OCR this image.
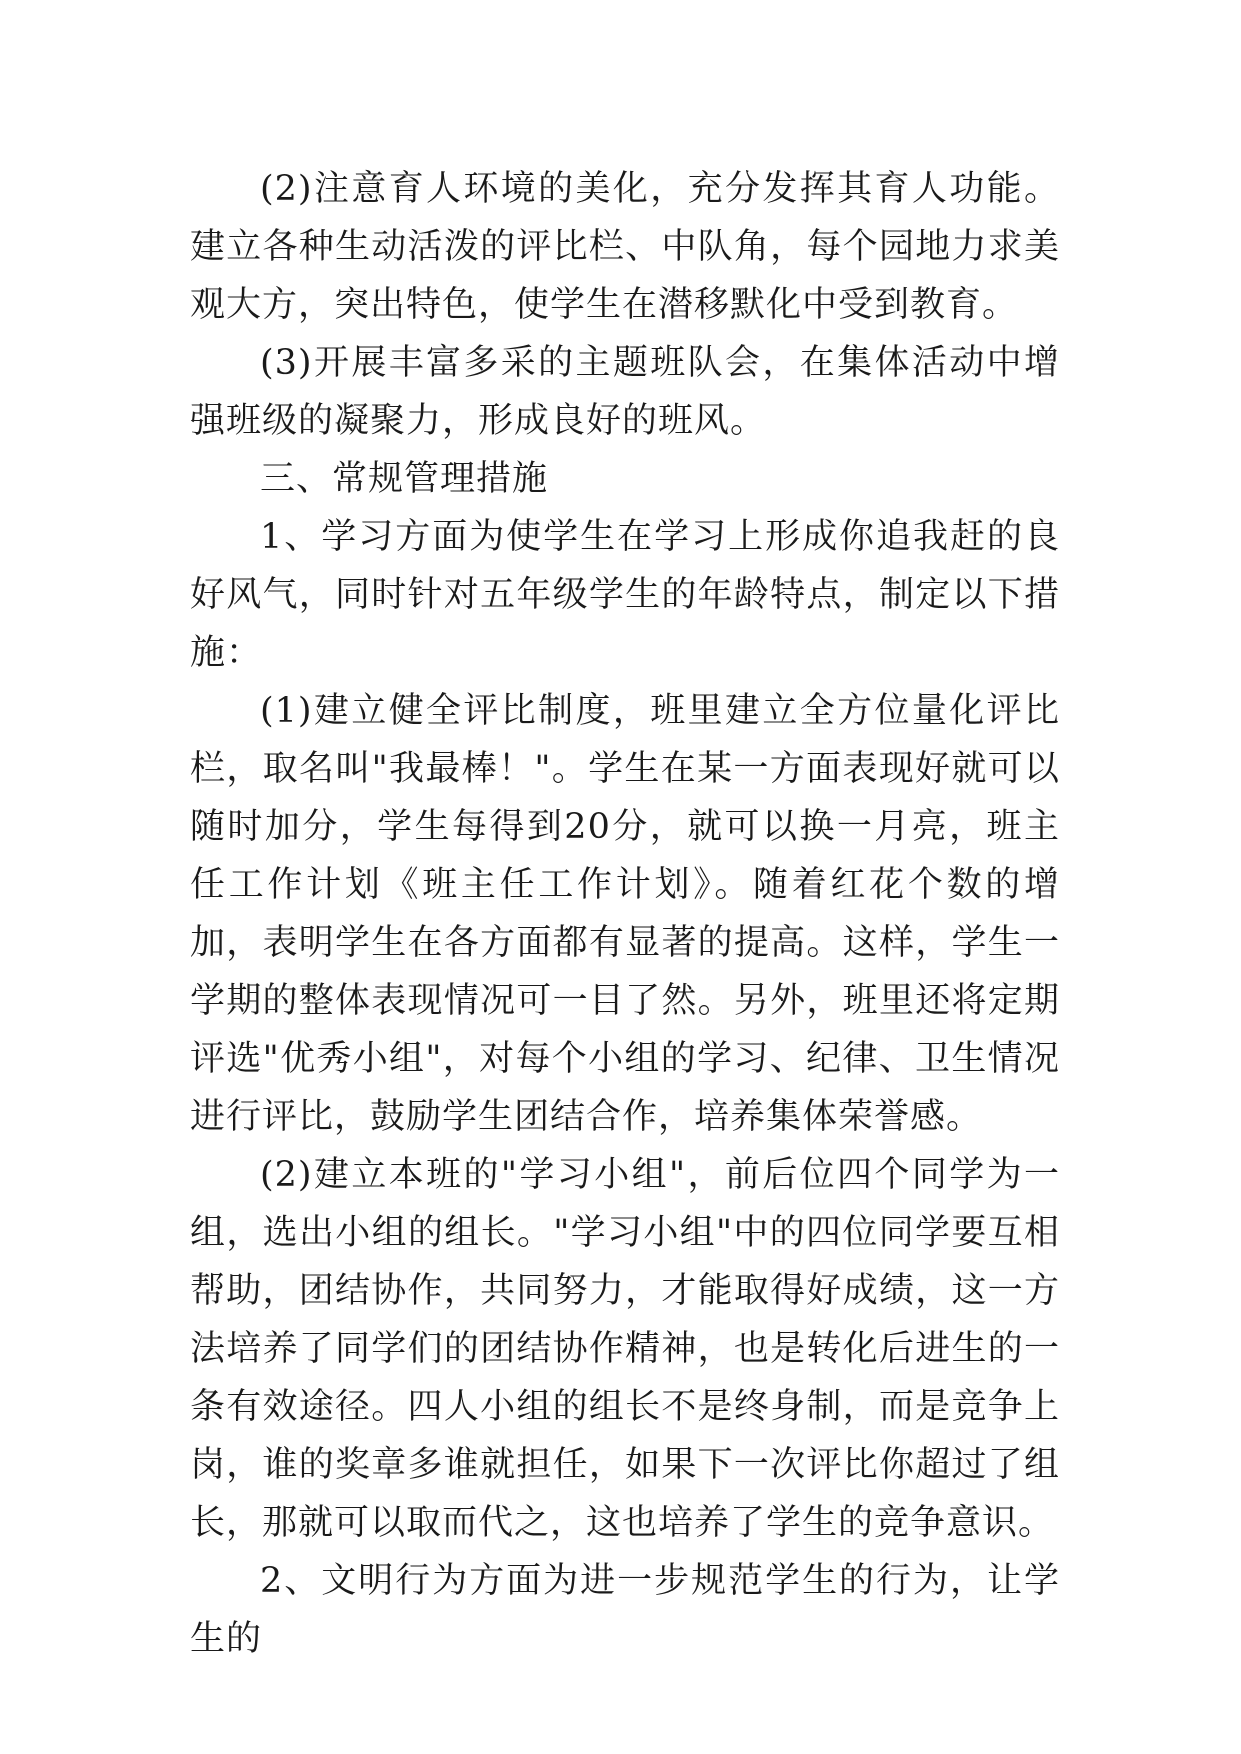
(2)注意育人环境的美化，充分发挥其育人功能。建立各种生动活泼的评比栏、中队角，每个园地力求美观大方，突出特色，使学生在潜移默化中受到教育。

(3)开展丰富多采的主题班队会，在集体活动中增强班级的凝聚力，形成良好的班风。

三、常规管理措施

1、学习方面为使学生在学习上形成你追我赶的良好风气，同时针对五年级学生的年龄特点，制定以下措施：

(1)建立健全评比制度，班里建立全方位量化评比栏，取名叫"我最棒！"。学生在某一方面表现好就可以随时加分，学生每得到20分，就可以换一月亮，班主任工作计划《班主任工作计划》。随着红花个数的增加，表明学生在各方面都有显著的提高。这样，学生一学期的整体表现情况可一目了然。另外，班里还将定期评选"优秀小组"，对每个小组的学习、纪律、卫生情况进行评比，鼓励学生团结合作，培养集体荣誉感。

(2)建立本班的"学习小组"，前后位四个同学为一组，选出小组的组长。"学习小组"中的四位同学要互相帮助，团结协作，共同努力，才能取得好成绩，这一方法培养了同学们的团结协作精神，也是转化后进生的一条有效途径。四人小组的组长不是终身制，而是竞争上岗，谁的奖章多谁就担任，如果下一次评比你超过了组长，那就可以取而代之，这也培养了学生的竞争意识。

2、文明行为方面为进一步规范学生的行为，让学生的
